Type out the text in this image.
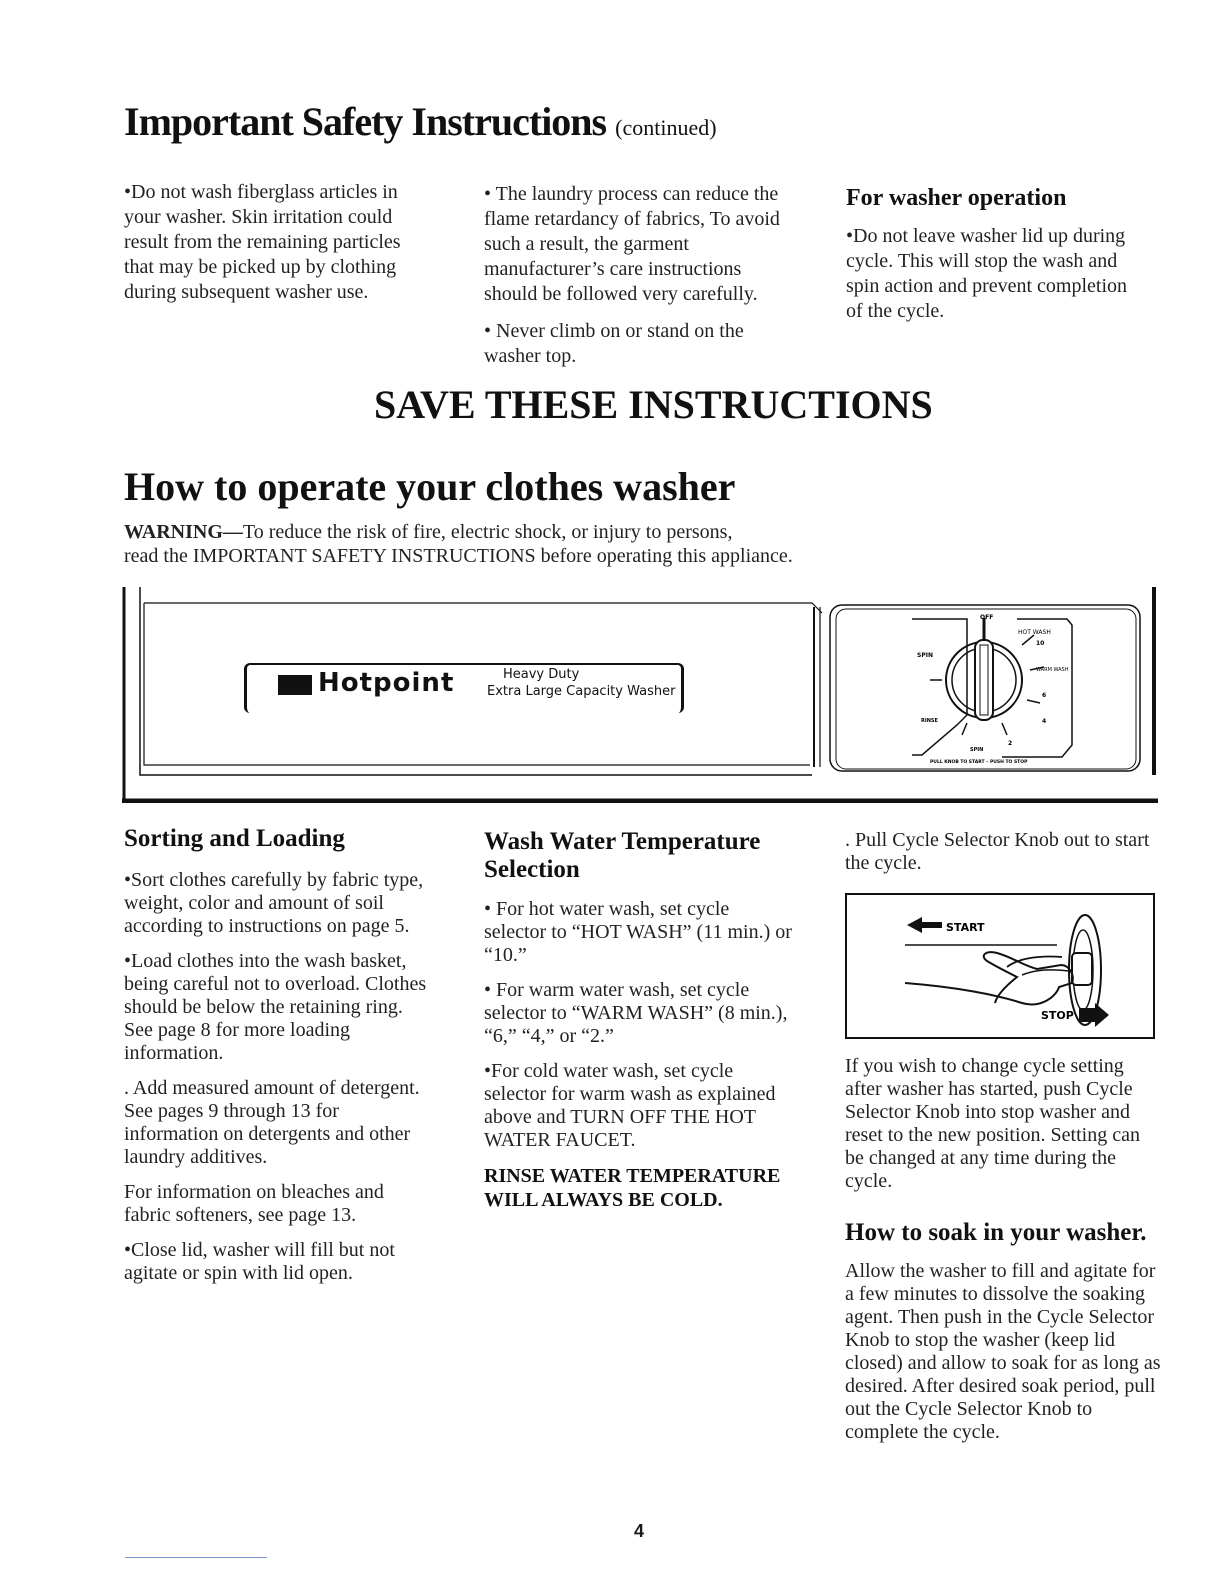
Important Safety Instructions (continued)

•Do not wash fiberglass articles in your washer. Skin irritation could result from the remaining particles that may be picked up by clothing during subsequent washer use.

• The laundry process can reduce the flame retardancy of fabrics, To avoid such a result, the garment manufacturer’s care instructions should be followed very carefully.

• Never climb on or stand on the washer top.

For washer operation

•Do not leave washer lid up during cycle. This will stop the wash and spin action and prevent completion of the cycle.

SAVE THESE INSTRUCTIONS
How to operate your clothes washer
WARNING—To reduce the risk of fire, electric shock, or injury to persons,
read the IMPORTANT SAFETY INSTRUCTIONS before operating this appliance.
OFF
HOT WASH
10
SPIN
WARM WASH
6
4
RINSE
2
SPIN
PULL KNOB TO START – PUSH TO STOP
Hotpoint	Heavy Duty
Extra Large Capacity Washer

Sorting and Loading

•Sort clothes carefully by fabric type, weight, color and amount of soil according to instructions on page 5.

•Load clothes into the wash basket, being careful not to overload. Clothes should be below the retaining ring. See page 8 for more loading information.

. Add measured amount of detergent. See pages 9 through 13 for information on detergents and other laundry additives.

For information on bleaches and fabric softeners, see page 13.

•Close lid, washer will fill but not agitate or spin with lid open.

Wash Water Temperature Selection

• For hot water wash, set cycle selector to “HOT WASH” (11 min.) or “10.”

• For warm water wash, set cycle selector to “WARM WASH” (8 min.), “6,” “4,” or “2.”

•For cold water wash, set cycle selector for warm wash as explained above and TURN OFF THE HOT WATER FAUCET.

RINSE WATER TEMPERATURE

WILL ALWAYS BE COLD.

. Pull Cycle Selector Knob out to start the cycle.

START
STOP

If you wish to change cycle setting after washer has started, push Cycle Selector Knob into stop washer and reset to the new position. Setting can be changed at any time during the cycle.

How to soak in your washer.

Allow the washer to fill and agitate for a few minutes to dissolve the soaking agent. Then push in the Cycle Selector Knob to stop the washer (keep lid closed) and allow to soak for as long as desired. After desired soak period, pull out the Cycle Selector Knob to complete the cycle.

4
